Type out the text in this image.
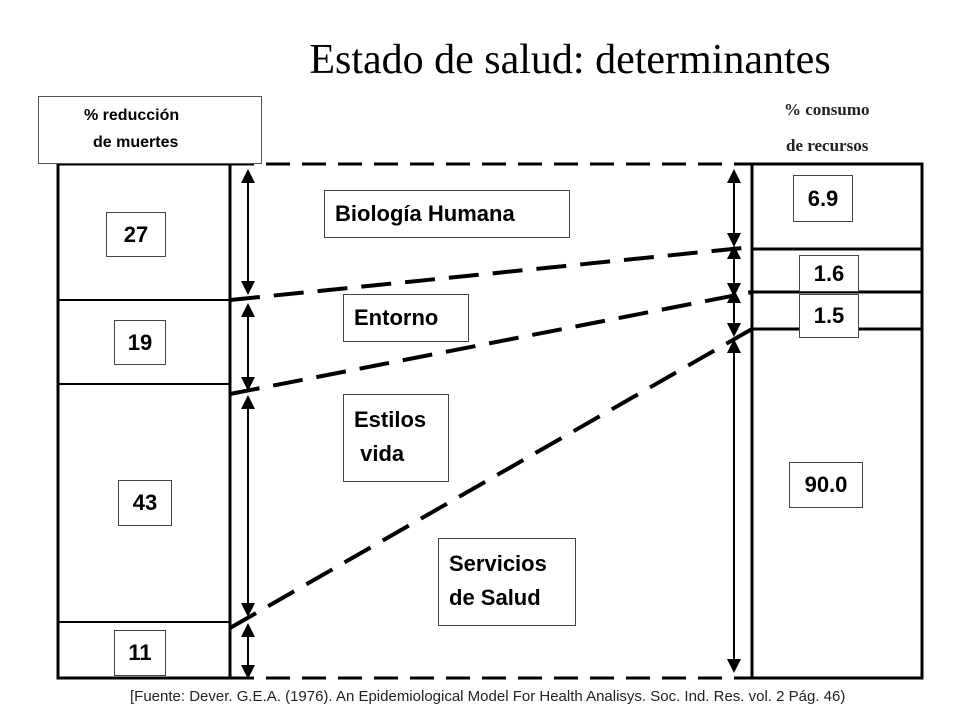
Estado de salud: determinantes
% reducción
de muertes
% consumo
de recursos
27
19
43
11
6.9
1.6
1.5
90.0
Biología Humana
Entorno
Estilos
vida
Servicios
de Salud
[Fuente: Dever. G.E.A. (1976). An Epidemiological Model For Health Analisys. Soc. Ind. Res. vol. 2 Pág. 46)
